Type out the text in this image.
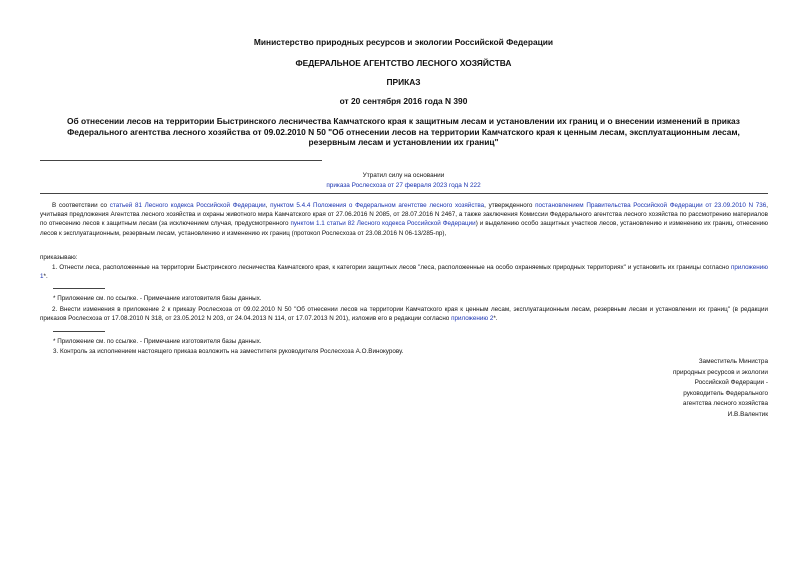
Министерство природных ресурсов и экологии Российской Федерации
ФЕДЕРАЛЬНОЕ АГЕНТСТВО ЛЕСНОГО ХОЗЯЙСТВА
ПРИКАЗ
от 20 сентября 2016 года N 390
Об отнесении лесов на территории Быстринского лесничества Камчатского края к защитным лесам и установлении их границ и о внесении изменений в приказ
Федерального агентства лесного хозяйства от 09.02.2010 N 50 "Об отнесении лесов на территории Камчатского края к ценным лесам, эксплуатационным лесам,
резервным лесам и установлении их границ"
Утратил силу на основании
приказа Рослесхоза от 27 февраля 2023 года N 222
В соответствии со статьей 81 Лесного кодекса Российской Федерации, пунктом 5.4.4 Положения о Федеральном агентстве лесного хозяйства, утвержденного постановлением Правительства Российской Федерации от 23.09.2010 N 736, учитывая предложения Агентства лесного хозяйства и охраны животного мира Камчатского края от 27.06.2016 N 2085, от 28.07.2016 N 2467, а также заключения Комиссии Федерального агентства лесного хозяйства по рассмотрению материалов по отнесению лесов к защитным лесам (за исключением случая, предусмотренного пунктом 1.1 статьи 82 Лесного кодекса Российской Федерации) и выделению особо защитных участков лесов, установлению и изменению их границ, отнесению лесов к эксплуатационным, резервным лесам, установлению и изменению их границ (протокол Рослесхоза от 23.08.2016 N 06-13/285-пр),
приказываю:
1. Отнести леса, расположенные на территории Быстринского лесничества Камчатского края, к категории защитных лесов "леса, расположенные на особо охраняемых природных территориях" и установить их границы согласно приложению 1*.
* Приложение см. по ссылке. - Примечание изготовителя базы данных.
2. Внести изменения в приложение 2 к приказу Рослесхоза от 09.02.2010 N 50 "Об отнесении лесов на территории Камчатского края к ценным лесам, эксплуатационным лесам, резервным лесам и установлении их границ" (в редакции приказов Рослесхоза от 17.08.2010 N 318, от 23.05.2012 N 203, от 24.04.2013 N 114, от 17.07.2013 N 201), изложив его в редакции согласно приложению 2*.
* Приложение см. по ссылке. - Примечание изготовителя базы данных.
3. Контроль за исполнением настоящего приказа возложить на заместителя руководителя Рослесхоза А.О.Винокурову.
Заместитель Министра
природных ресурсов и экологии
Российской Федерации -
руководитель Федерального
агентства лесного хозяйства
И.В.Валентик
